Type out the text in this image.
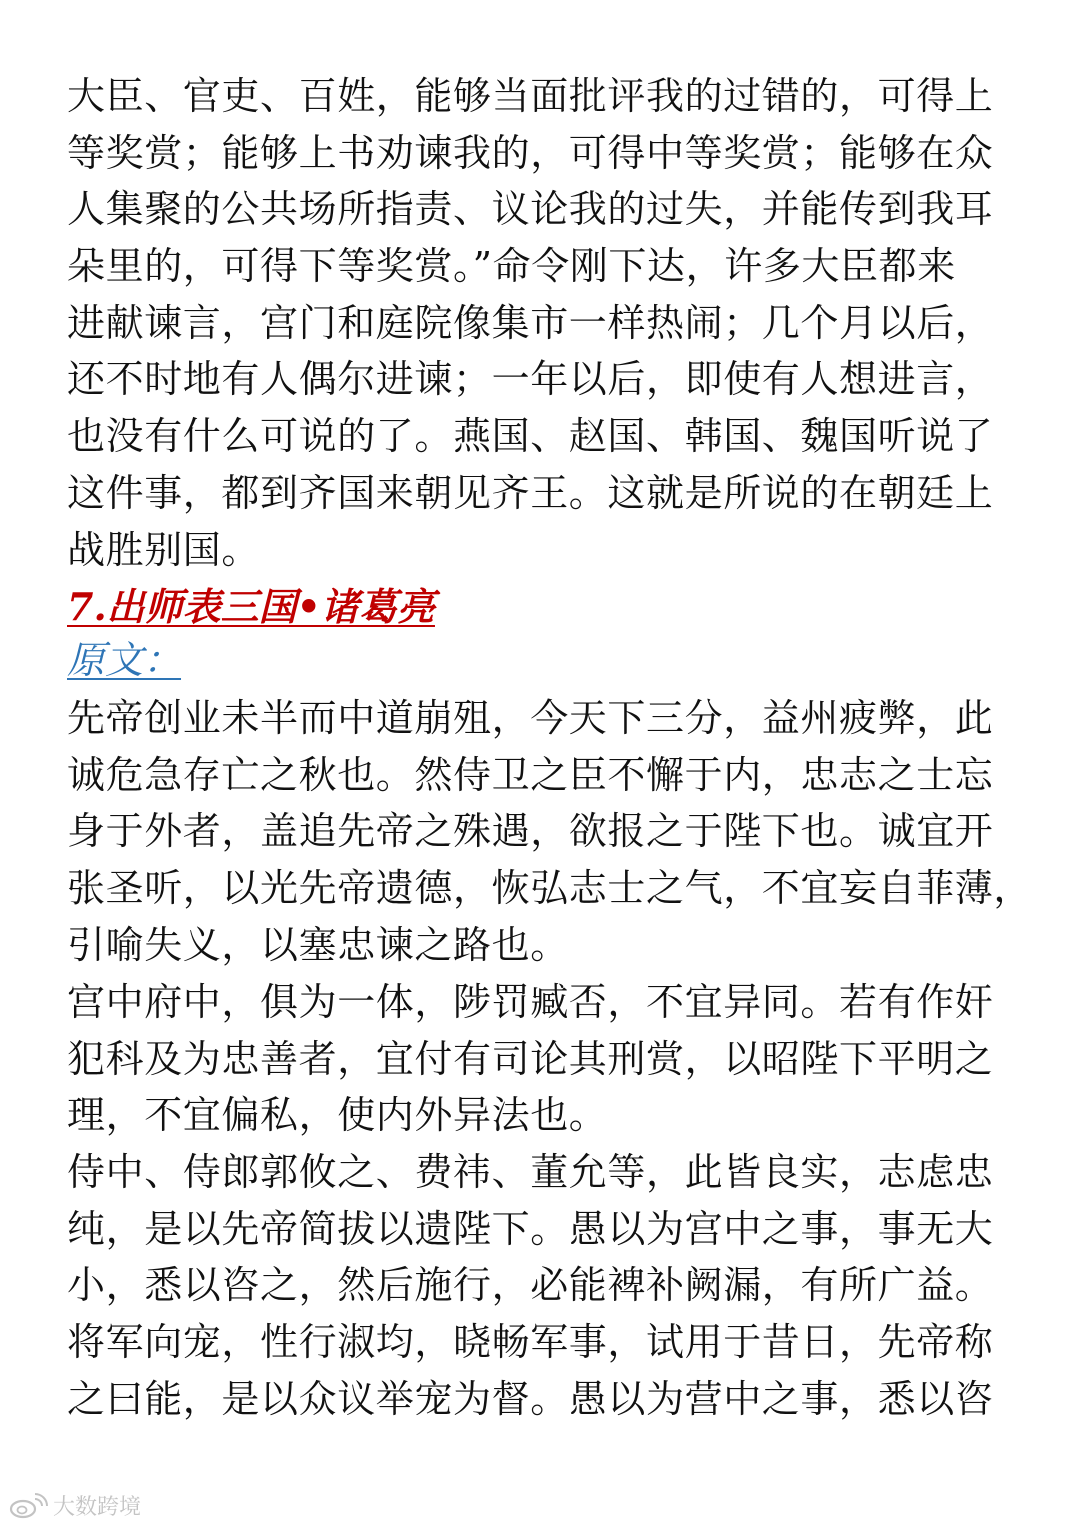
大臣、官吏、百姓，能够当面批评我的过错的，可得上
等奖赏；能够上书劝谏我的，可得中等奖赏；能够在众
人集聚的公共场所指责、议论我的过失，并能传到我耳
朵里的，可得下等奖赏。”命令刚下达，许多大臣都来
进献谏言，宫门和庭院像集市一样热闹；几个月以后，
还不时地有人偶尔进谏；一年以后，即使有人想进言，
也没有什么可说的了。燕国、赵国、韩国、魏国听说了
这件事，都到齐国来朝见齐王。这就是所说的在朝廷上
战胜别国。
7.出师表三国•诸葛亮
原文：
先帝创业未半而中道崩殂，今天下三分，益州疲弊，此
诚危急存亡之秋也。然侍卫之臣不懈于内，忠志之士忘
身于外者，盖追先帝之殊遇，欲报之于陛下也。诚宜开
张圣听，以光先帝遗德，恢弘志士之气，不宜妄自菲薄，
引喻失义，以塞忠谏之路也。
宫中府中，俱为一体，陟罚臧否，不宜异同。若有作奸
犯科及为忠善者，宜付有司论其刑赏，以昭陛下平明之
理，不宜偏私，使内外异法也。
侍中、侍郎郭攸之、费祎、董允等，此皆良实，志虑忠
纯，是以先帝简拔以遗陛下。愚以为宫中之事，事无大
小，悉以咨之，然后施行，必能裨补阙漏，有所广益。
将军向宠，性行淑均，晓畅军事，试用于昔日，先帝称
之曰能，是以众议举宠为督。愚以为营中之事，悉以咨
大数跨境
